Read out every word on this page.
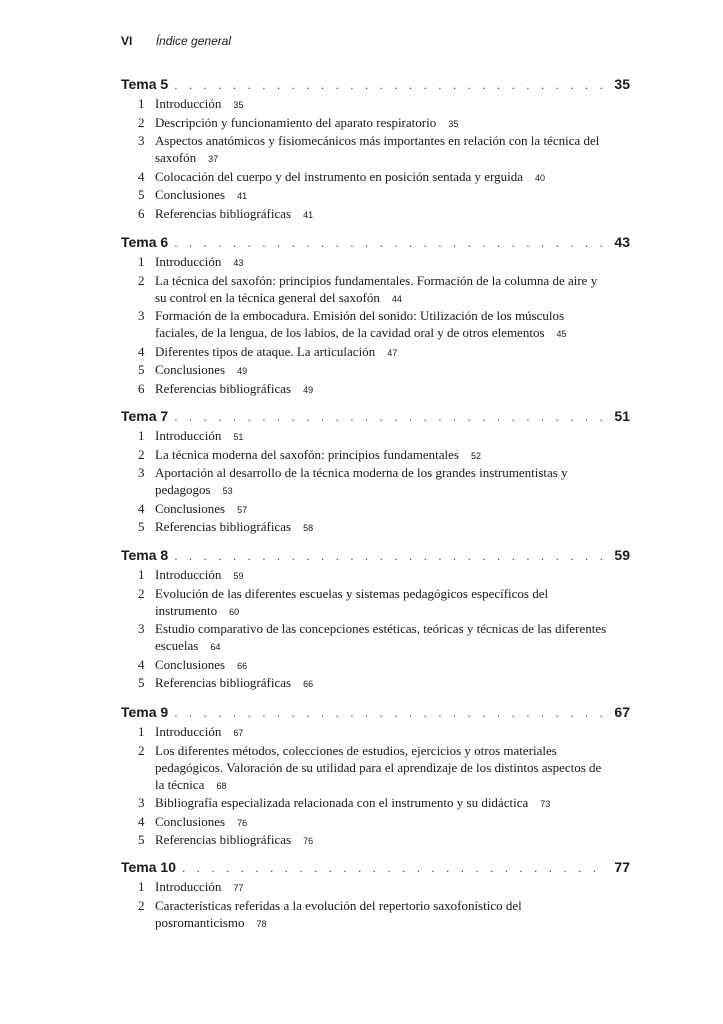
VI Índice general
Tema 5 . . .	35
1 Introducción 35
2 Descripción y funcionamiento del aparato respiratorio 35
3 Aspectos anatómicos y fisiomecánicos más importantes en relación con la técnica del
saxofón 37
4 Colocación del cuerpo y del instrumento en posición sentada y erguida 40
5 Conclusiones 41
6 Referencias bibliográficas 41
Tema 6 . . .	43
1 Introducción 43
2 La técnica del saxofón: principios fundamentales. Formación de la columna de aire y
su control en la técnica general del saxofón 44
3 Formación de la embocadura. Emisión del sonido: Utilización de los músculos
faciales, de la lengua, de los labios, de la cavidad oral y de otros elementos 45
4 Diferentes tipos de ataque. La articulación 47
5 Conclusiones 49
6 Referencias bibliográficas 49
Tema 7 . . .	51
1 Introducción 51
2 La técnica moderna del saxofón: principios fundamentales 52
3 Aportación al desarrollo de la técnica moderna de los grandes instrumentistas y
pedagogos 53
4 Conclusiones 57
5 Referencias bibliográficas 58
Tema 8 . . .	59
1 Introducción 59
2 Evolución de las diferentes escuelas y sistemas pedagógicos específicos del
instrumento 60
3 Estudio comparativo de las concepciones estéticas, teóricas y técnicas de las diferentes
escuelas 64
4 Conclusiones 66
5 Referencias bibliográficas 66
Tema 9 . . .	67
1 Introducción 67
2 Los diferentes métodos, colecciones de estudios, ejercicios y otros materiales
pedagógicos. Valoración de su utilidad para el aprendizaje de los distintos aspectos de
la técnica 68
3 Bibliografía especializada relacionada con el instrumento y su didáctica 73
4 Conclusiones 76
5 Referencias bibliográficas 76
Tema 10 . . .	77
1 Introducción 77
2 Características referidas a la evolución del repertorio saxofonístico del
posromanticismo 78
